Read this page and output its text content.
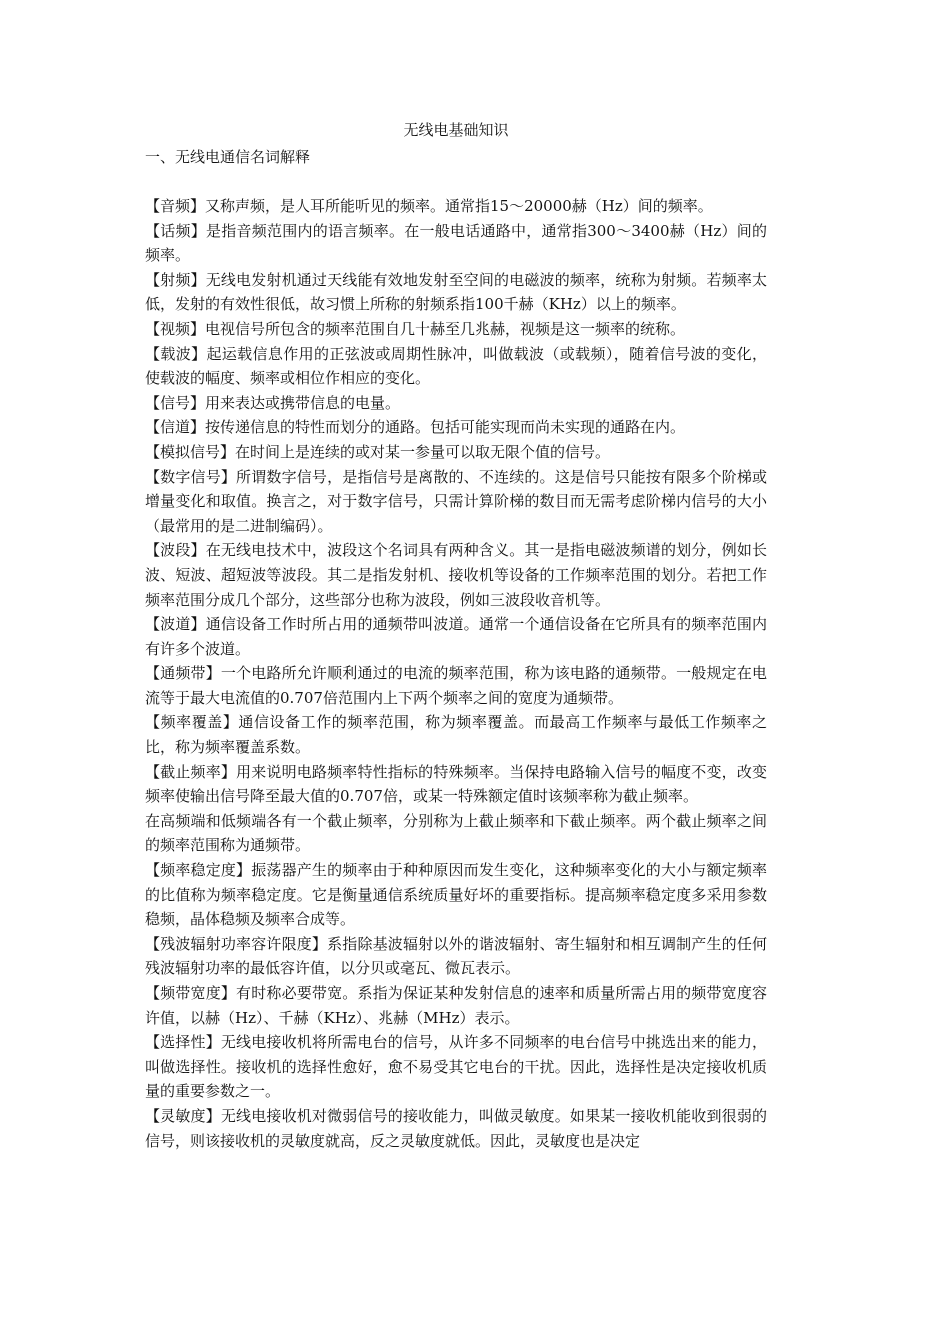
无线电基础知识

一、无线电通信名词解释

【音频】又称声频，是人耳所能听见的频率。通常指15～20000赫（Hz）间的频率。

【话频】是指音频范围内的语言频率。在一般电话通路中，通常指300～3400赫（Hz）间的频率。

【射频】无线电发射机通过天线能有效地发射至空间的电磁波的频率，统称为射频。若频率太低，发射的有效性很低，故习惯上所称的射频系指100千赫（KHz）以上的频率。

【视频】电视信号所包含的频率范围自几十赫至几兆赫，视频是这一频率的统称。

【载波】起运载信息作用的正弦波或周期性脉冲，叫做载波（或载频），随着信号波的变化，使载波的幅度、频率或相位作相应的变化。

【信号】用来表达或携带信息的电量。

【信道】按传递信息的特性而划分的通路。包括可能实现而尚未实现的通路在内。

【模拟信号】在时间上是连续的或对某一参量可以取无限个值的信号。

【数字信号】所谓数字信号，是指信号是离散的、不连续的。这是信号只能按有限多个阶梯或增量变化和取值。换言之，对于数字信号，只需计算阶梯的数目而无需考虑阶梯内信号的大小（最常用的是二进制编码）。

【波段】在无线电技术中，波段这个名词具有两种含义。其一是指电磁波频谱的划分，例如长波、短波、超短波等波段。其二是指发射机、接收机等设备的工作频率范围的划分。若把工作频率范围分成几个部分，这些部分也称为波段，例如三波段收音机等。

【波道】通信设备工作时所占用的通频带叫波道。通常一个通信设备在它所具有的频率范围内有许多个波道。

【通频带】一个电路所允许顺利通过的电流的频率范围，称为该电路的通频带。一般规定在电流等于最大电流值的0.707倍范围内上下两个频率之间的宽度为通频带。

【频率覆盖】通信设备工作的频率范围，称为频率覆盖。而最高工作频率与最低工作频率之比，称为频率覆盖系数。

【截止频率】用来说明电路频率特性指标的特殊频率。当保持电路输入信号的幅度不变，改变频率使输出信号降至最大值的0.707倍，或某一特殊额定值时该频率称为截止频率。

在高频端和低频端各有一个截止频率，分别称为上截止频率和下截止频率。两个截止频率之间的频率范围称为通频带。

【频率稳定度】振荡器产生的频率由于种种原因而发生变化，这种频率变化的大小与额定频率的比值称为频率稳定度。它是衡量通信系统质量好坏的重要指标。提高频率稳定度多采用参数稳频，晶体稳频及频率合成等。

【残波辐射功率容许限度】系指除基波辐射以外的谐波辐射、寄生辐射和相互调制产生的任何残波辐射功率的最低容许值，以分贝或毫瓦、微瓦表示。

【频带宽度】有时称必要带宽。系指为保证某种发射信息的速率和质量所需占用的频带宽度容许值，以赫（Hz）、千赫（KHz）、兆赫（MHz）表示。

【选择性】无线电接收机将所需电台的信号，从许多不同频率的电台信号中挑选出来的能力，叫做选择性。接收机的选择性愈好，愈不易受其它电台的干扰。因此，选择性是决定接收机质量的重要参数之一。

【灵敏度】无线电接收机对微弱信号的接收能力，叫做灵敏度。如果某一接收机能收到很弱的信号，则该接收机的灵敏度就高，反之灵敏度就低。因此，灵敏度也是决定
